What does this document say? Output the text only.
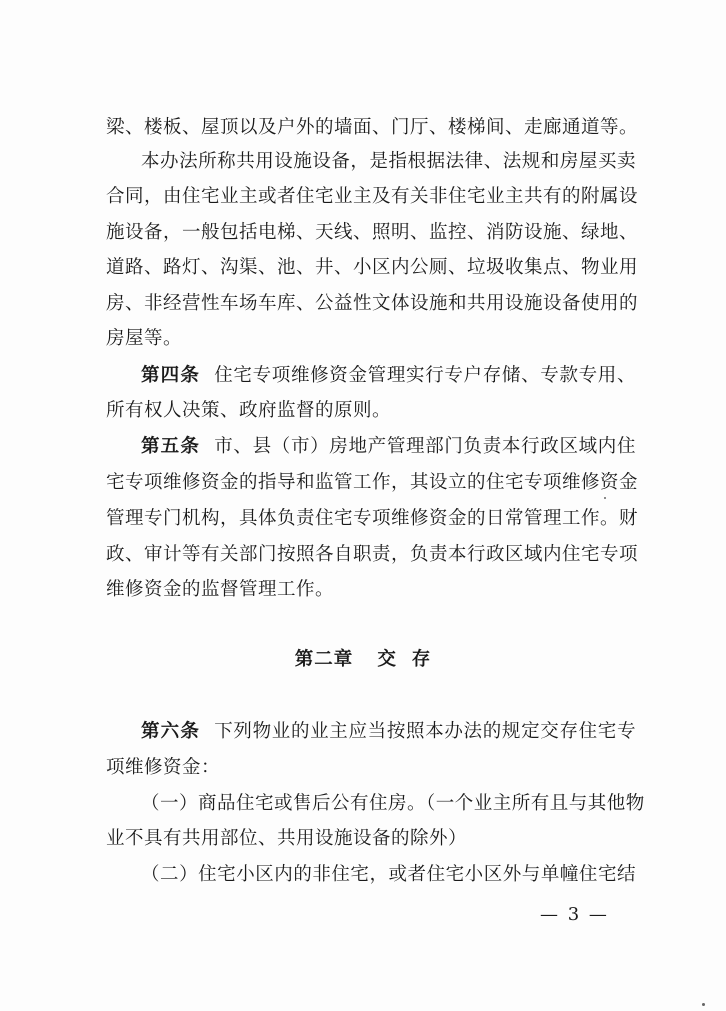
梁、楼板、屋顶以及户外的墙面、门厅、楼梯间、走廊通道等。
本办法所称共用设施设备，是指根据法律、法规和房屋买卖
合同，由住宅业主或者住宅业主及有关非住宅业主共有的附属设
施设备，一般包括电梯、天线、照明、监控、消防设施、绿地、
道路、路灯、沟渠、池、井、小区内公厕、垃圾收集点、物业用
房、非经营性车场车库、公益性文体设施和共用设施设备使用的
房屋等。
第四条 住宅专项维修资金管理实行专户存储、专款专用、
所有权人决策、政府监督的原则。
第五条 市、县（市）房地产管理部门负责本行政区域内住
宅专项维修资金的指导和监管工作，其设立的住宅专项维修资金
管理专门机构，具体负责住宅专项维修资金的日常管理工作。财
政、审计等有关部门按照各自职责，负责本行政区域内住宅专项
维修资金的监督管理工作。
第二章 交  存
第六条 下列物业的业主应当按照本办法的规定交存住宅专
项维修资金：
（一）商品住宅或售后公有住房。（一个业主所有且与其他物
业不具有共用部位、共用设施设备的除外）
（二）住宅小区内的非住宅，或者住宅小区外与单幢住宅结
— 3 —
